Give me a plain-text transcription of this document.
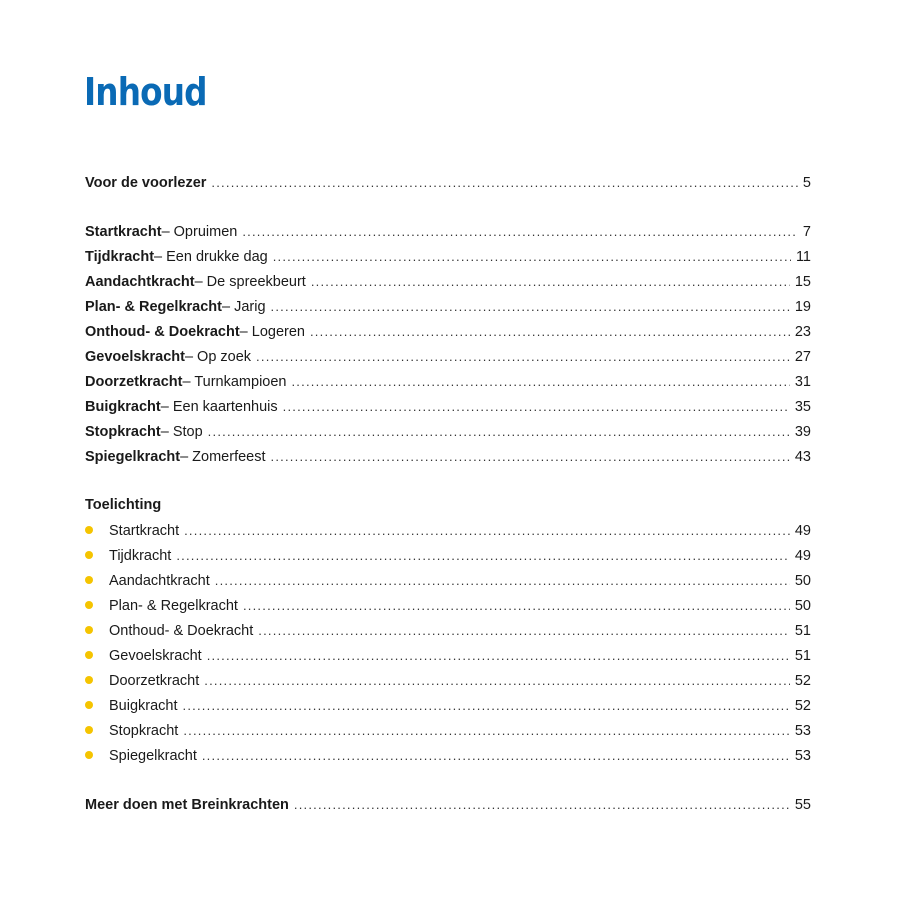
Inhoud
Voor de voorlezer . . .	5
Startkracht – Opruimen . . .	7
Tijdkracht – Een drukke dag . . .	11
Aandachtkracht – De spreekbeurt . . .	15
Plan- & Regelkracht – Jarig . . .	19
Onthoud- & Doekracht – Logeren . . .	23
Gevoelskracht – Op zoek . . .	27
Doorzetkracht – Turnkampioen . . .	31
Buigkracht – Een kaartenhuis . . .	35
Stopkracht – Stop . . .	39
Spiegelkracht – Zomerfeest . . .	43
Toelichting
Startkracht . . .	49
Tijdkracht . . .	49
Aandachtkracht . . .	50
Plan- & Regelkracht . . .	50
Onthoud- & Doekracht . . .	51
Gevoelskracht . . .	51
Doorzetkracht . . .	52
Buigkracht . . .	52
Stopkracht . . .	53
Spiegelkracht . . .	53
Meer doen met Breinkrachten . . .	55
